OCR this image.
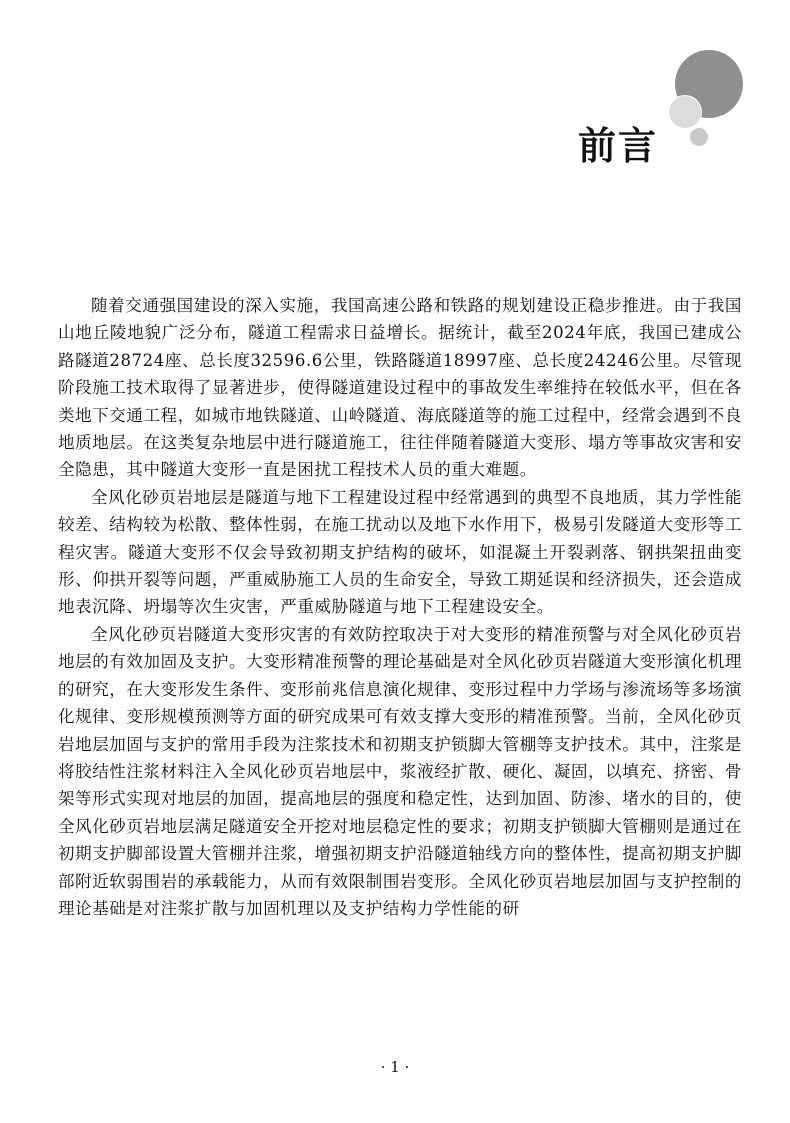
前言

随着交通强国建设的深入实施，我国高速公路和铁路的规划建设正稳步推进。由于我国山地丘陵地貌广泛分布，隧道工程需求日益增长。据统计，截至2024年底，我国已建成公路隧道28724座、总长度32596.6公里，铁路隧道18997座、总长度24246公里。尽管现阶段施工技术取得了显著进步，使得隧道建设过程中的事故发生率维持在较低水平，但在各类地下交通工程，如城市地铁隧道、山岭隧道、海底隧道等的施工过程中，经常会遇到不良地质地层。在这类复杂地层中进行隧道施工，往往伴随着隧道大变形、塌方等事故灾害和安全隐患，其中隧道大变形一直是困扰工程技术人员的重大难题。

全风化砂页岩地层是隧道与地下工程建设过程中经常遇到的典型不良地质，其力学性能较差、结构较为松散、整体性弱，在施工扰动以及地下水作用下，极易引发隧道大变形等工程灾害。隧道大变形不仅会导致初期支护结构的破坏，如混凝土开裂剥落、钢拱架扭曲变形、仰拱开裂等问题，严重威胁施工人员的生命安全，导致工期延误和经济损失，还会造成地表沉降、坍塌等次生灾害，严重威胁隧道与地下工程建设安全。

全风化砂页岩隧道大变形灾害的有效防控取决于对大变形的精准预警与对全风化砂页岩地层的有效加固及支护。大变形精准预警的理论基础是对全风化砂页岩隧道大变形演化机理的研究，在大变形发生条件、变形前兆信息演化规律、变形过程中力学场与渗流场等多场演化规律、变形规模预测等方面的研究成果可有效支撑大变形的精准预警。当前，全风化砂页岩地层加固与支护的常用手段为注浆技术和初期支护锁脚大管棚等支护技术。其中，注浆是将胶结性注浆材料注入全风化砂页岩地层中，浆液经扩散、硬化、凝固，以填充、挤密、骨架等形式实现对地层的加固，提高地层的强度和稳定性，达到加固、防渗、堵水的目的，使全风化砂页岩地层满足隧道安全开挖对地层稳定性的要求；初期支护锁脚大管棚则是通过在初期支护脚部设置大管棚并注浆，增强初期支护沿隧道轴线方向的整体性，提高初期支护脚部附近软弱围岩的承载能力，从而有效限制围岩变形。全风化砂页岩地层加固与支护控制的理论基础是对注浆扩散与加固机理以及支护结构力学性能的研

· 1 ·
